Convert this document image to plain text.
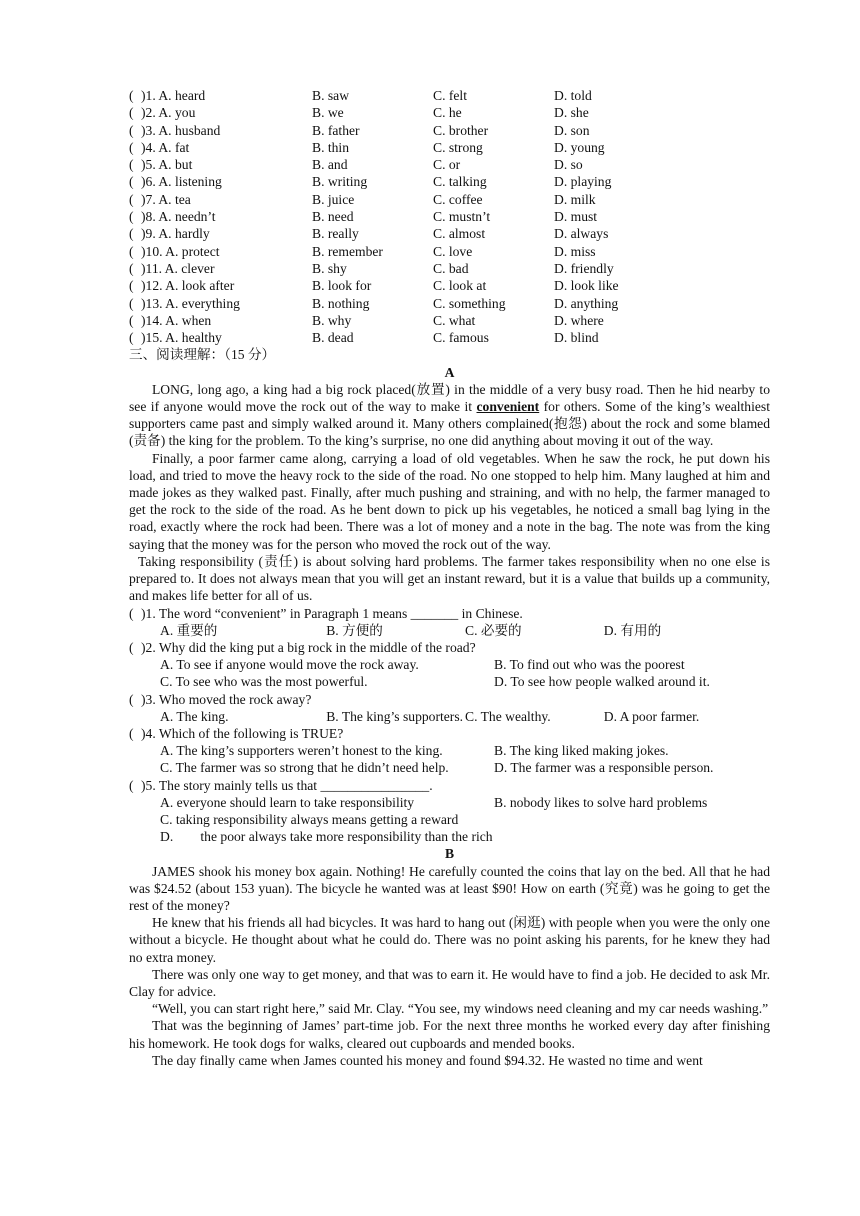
( )1. A. heard	B. saw	C. felt	D. told
( )2. A. you	B. we	C. he	D. she
( )3. A. husband	B. father	C. brother	D. son
( )4. A. fat	B. thin	C. strong	D. young
( )5. A. but	B. and	C. or	D. so
( )6. A. listening	B. writing	C. talking	D. playing
( )7. A. tea	B. juice	C. coffee	D. milk
( )8. A. needn’t	B. need	C. mustn’t	D. must
( )9. A. hardly	B. really	C. almost	D. always
( )10. A. protect	B. remember	C. love	D. miss
( )11. A. clever	B. shy	C. bad	D. friendly
( )12. A. look after	B. look for	C. look at	D. look like
( )13. A. everything	B. nothing	C. something	D. anything
( )14. A. when	B. why	C. what	D. where
( )15. A. healthy	B. dead	C. famous	D. blind
三、阅读理解：（15 分）
A

LONG, long ago, a king had a big rock placed(放置) in the middle of a very busy road. Then he hid nearby to see if anyone would move the rock out of the way to make it convenient for others. Some of the king’s wealthiest supporters came past and simply walked around it. Many others complained(抱怨) about the rock and some blamed (责备) the king for the problem. To the king’s surprise, no one did anything about moving it out of the way.

Finally, a poor farmer came along, carrying a load of old vegetables. When he saw the rock, he put down his load, and tried to move the heavy rock to the side of the road. No one stopped to help him. Many laughed at him and made jokes as they walked past. Finally, after much pushing and straining, and with no help, the farmer managed to get the rock to the side of the road. As he bent down to pick up his vegetables, he noticed a small bag lying in the road, exactly where the rock had been. There was a lot of money and a note in the bag. The note was from the king saying that the money was for the person who moved the rock out of the way.

Taking responsibility (责任) is about solving hard problems. The farmer takes responsibility when no one else is prepared to. It does not always mean that you will get an instant reward, but it is a value that builds up a community, and makes life better for all of us.

( )1. The word “convenient” in Paragraph 1 means _______ in Chinese.
A. 重要的	B. 方便的	C. 必要的	D. 有用的
( )2. Why did the king put a big rock in the middle of the road?
A. To see if anyone would move the rock away.	B. To find out who was the poorest
C. To see who was the most powerful.	D. To see how people walked around it.
( )3. Who moved the rock away?
A. The king.	B. The king’s supporters. C. The wealthy.	D. A poor farmer.
( )4. Which of the following is TRUE?
A. The king’s supporters weren’t honest to the king.	B. The king liked making jokes.
C. The farmer was so strong that he didn’t need help.	D. The farmer was a responsible person.
( )5. The story mainly tells us that ________________.
A. everyone should learn to take responsibility	B. nobody likes to solve hard problems
C. taking responsibility always means getting a reward
D.        the poor always take more responsibility than the rich
B

JAMES shook his money box again. Nothing! He carefully counted the coins that lay on the bed. All that he had was $24.52 (about 153 yuan). The bicycle he wanted was at least $90! How on earth (究竟) was he going to get the rest of the money?

He knew that his friends all had bicycles. It was hard to hang out (闲逛) with people when you were the only one without a bicycle. He thought about what he could do. There was no point asking his parents, for he knew they had no extra money.

There was only one way to get money, and that was to earn it. He would have to find a job. He decided to ask Mr. Clay for advice.

“Well, you can start right here,” said Mr. Clay. “You see, my windows need cleaning and my car needs washing.”

That was the beginning of James’ part-time job. For the next three months he worked every day after finishing his homework. He took dogs for walks, cleared out cupboards and mended books.

The day finally came when James counted his money and found $94.32. He wasted no time and went
